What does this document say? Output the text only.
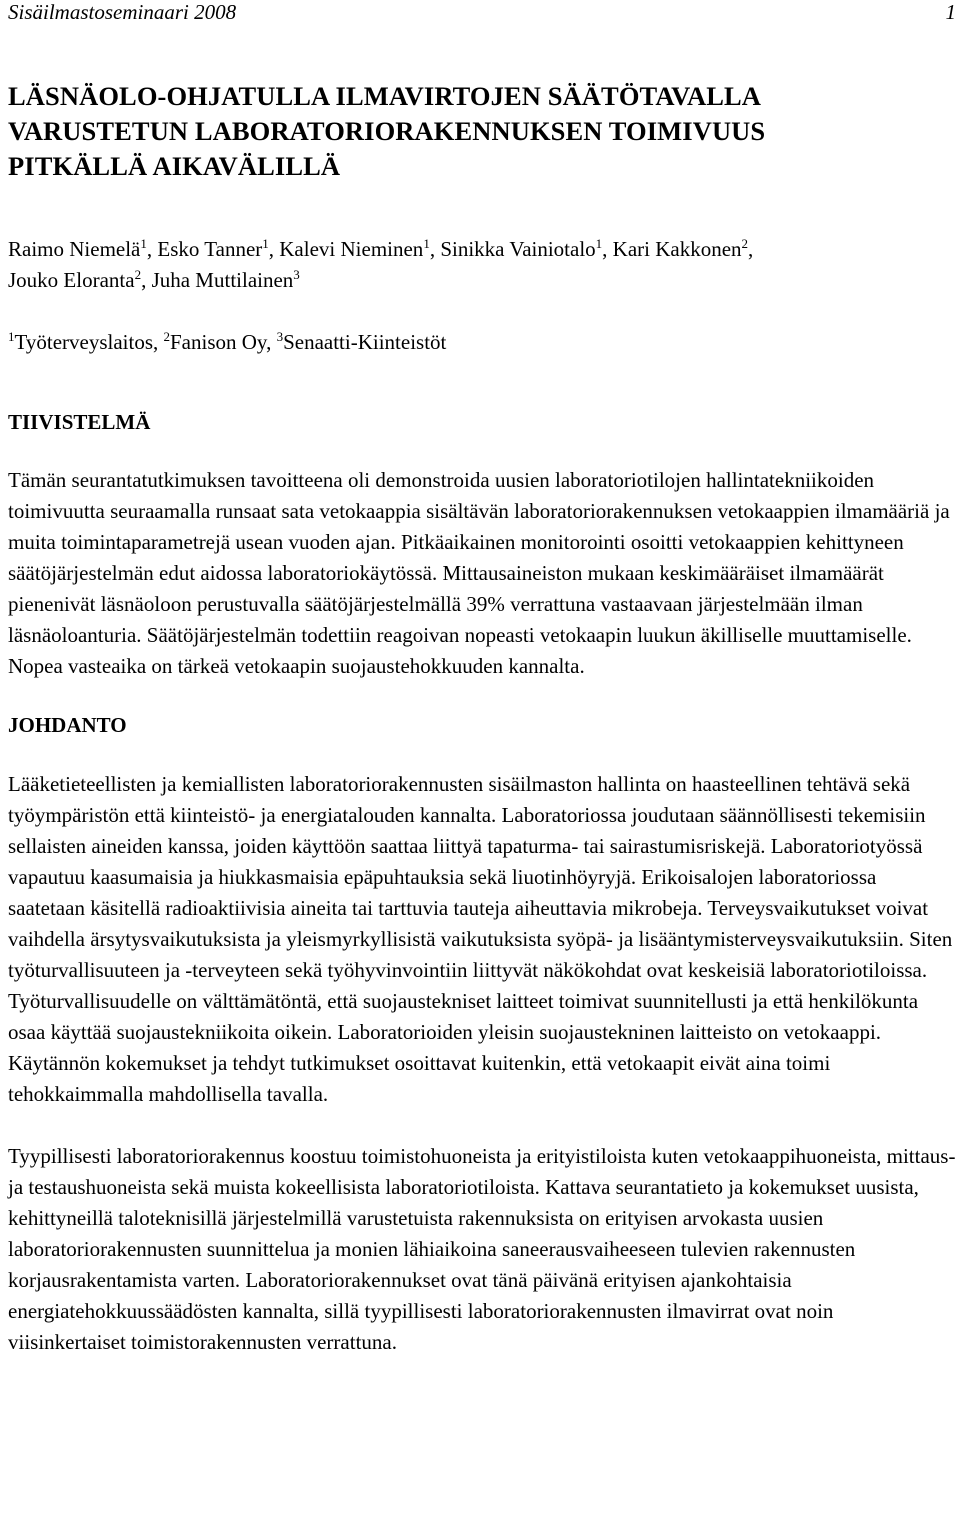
Sisäilmastoseminaari 2008	1
LÄSNÄOLO-OHJATULLA ILMAVIRTOJEN SÄÄTÖTAVALLA
VARUSTETUN LABORATORIORAKENNUKSEN TOIMIVUUS
PITKÄLLÄ AIKAVÄLILLÄ
Raimo Niemelä$^1$, Esko Tanner$^1$, Kalevi Nieminen$^1$, Sinikka Vainiotalo$^1$, Kari Kakkonen$^2$,
Jouko Eloranta$^2$, Juha Muttilainen$^3$
$^1$Työterveyslaitos, $^2$Fanison Oy, $^3$Senaatti-Kiinteistöt
TIIVISTELMÄ

Tämän seurantatutkimuksen tavoitteena oli demonstroida uusien laboratoriotilojen hallintatekniikoiden toimivuutta seuraamalla runsaat sata vetokaappia sisältävän laboratoriorakennuksen vetokaappien ilmamääriä ja muita toimintaparametrejä usean vuoden ajan. Pitkäaikainen monitorointi osoitti vetokaappien kehittyneen säätöjärjestelmän edut aidossa laboratoriokäytössä. Mittausaineiston mukaan keskimääräiset ilmamäärät pienenivät läsnäoloon perustuvalla säätöjärjestelmällä 39% verrattuna vastaavaan järjestelmään ilman läsnäoloanturia. Säätöjärjestelmän todettiin reagoivan nopeasti vetokaapin luukun äkilliselle muuttamiselle. Nopea vasteaika on tärkeä vetokaapin suojaustehokkuuden kannalta.

JOHDANTO

Lääketieteellisten ja kemiallisten laboratoriorakennusten sisäilmaston hallinta on haasteellinen tehtävä sekä työympäristön että kiinteistö- ja energiatalouden kannalta. Laboratoriossa joudutaan säännöllisesti tekemisiin sellaisten aineiden kanssa, joiden käyttöön saattaa liittyä tapaturma- tai sairastumisriskejä. Laboratoriotyössä vapautuu kaasumaisia ja hiukkasmaisia epäpuhtauksia sekä liuotinhöyryjä. Erikoisalojen laboratoriossa saatetaan käsitellä radioaktiivisia aineita tai tarttuvia tauteja aiheuttavia mikrobeja. Terveysvaikutukset voivat vaihdella ärsytysvaikutuksista ja yleismyrkyllisistä vaikutuksista syöpä- ja lisääntymisterveysvaikutuksiin. Siten työturvallisuuteen ja -terveyteen sekä työhyvinvointiin liittyvät näkökohdat ovat keskeisiä laboratoriotiloissa. Työturvallisuudelle on välttämätöntä, että suojaustekniset laitteet toimivat suunnitellusti ja että henkilökunta osaa käyttää suojaustekniikoita oikein. Laboratorioiden yleisin suojaustekninen laitteisto on vetokaappi. Käytännön kokemukset ja tehdyt tutkimukset osoittavat kuitenkin, että vetokaapit eivät aina toimi tehokkaimmalla mahdollisella tavalla.

Tyypillisesti laboratoriorakennus koostuu toimistohuoneista ja erityistiloista kuten vetokaappihuoneista, mittaus- ja testaushuoneista sekä muista kokeellisista laboratoriotiloista. Kattava seurantatieto ja kokemukset uusista, kehittyneillä taloteknisillä järjestelmillä varustetuista rakennuksista on erityisen arvokasta uusien laboratoriorakennusten suunnittelua ja monien lähiaikoina saneerausvaiheeseen tulevien rakennusten korjausrakentamista varten. Laboratoriorakennukset ovat tänä päivänä erityisen ajankohtaisia energiatehokkuussäädösten kannalta, sillä tyypillisesti laboratoriorakennusten ilmavirrat ovat noin viisinkertaiset toimistorakennusten verrattuna.
